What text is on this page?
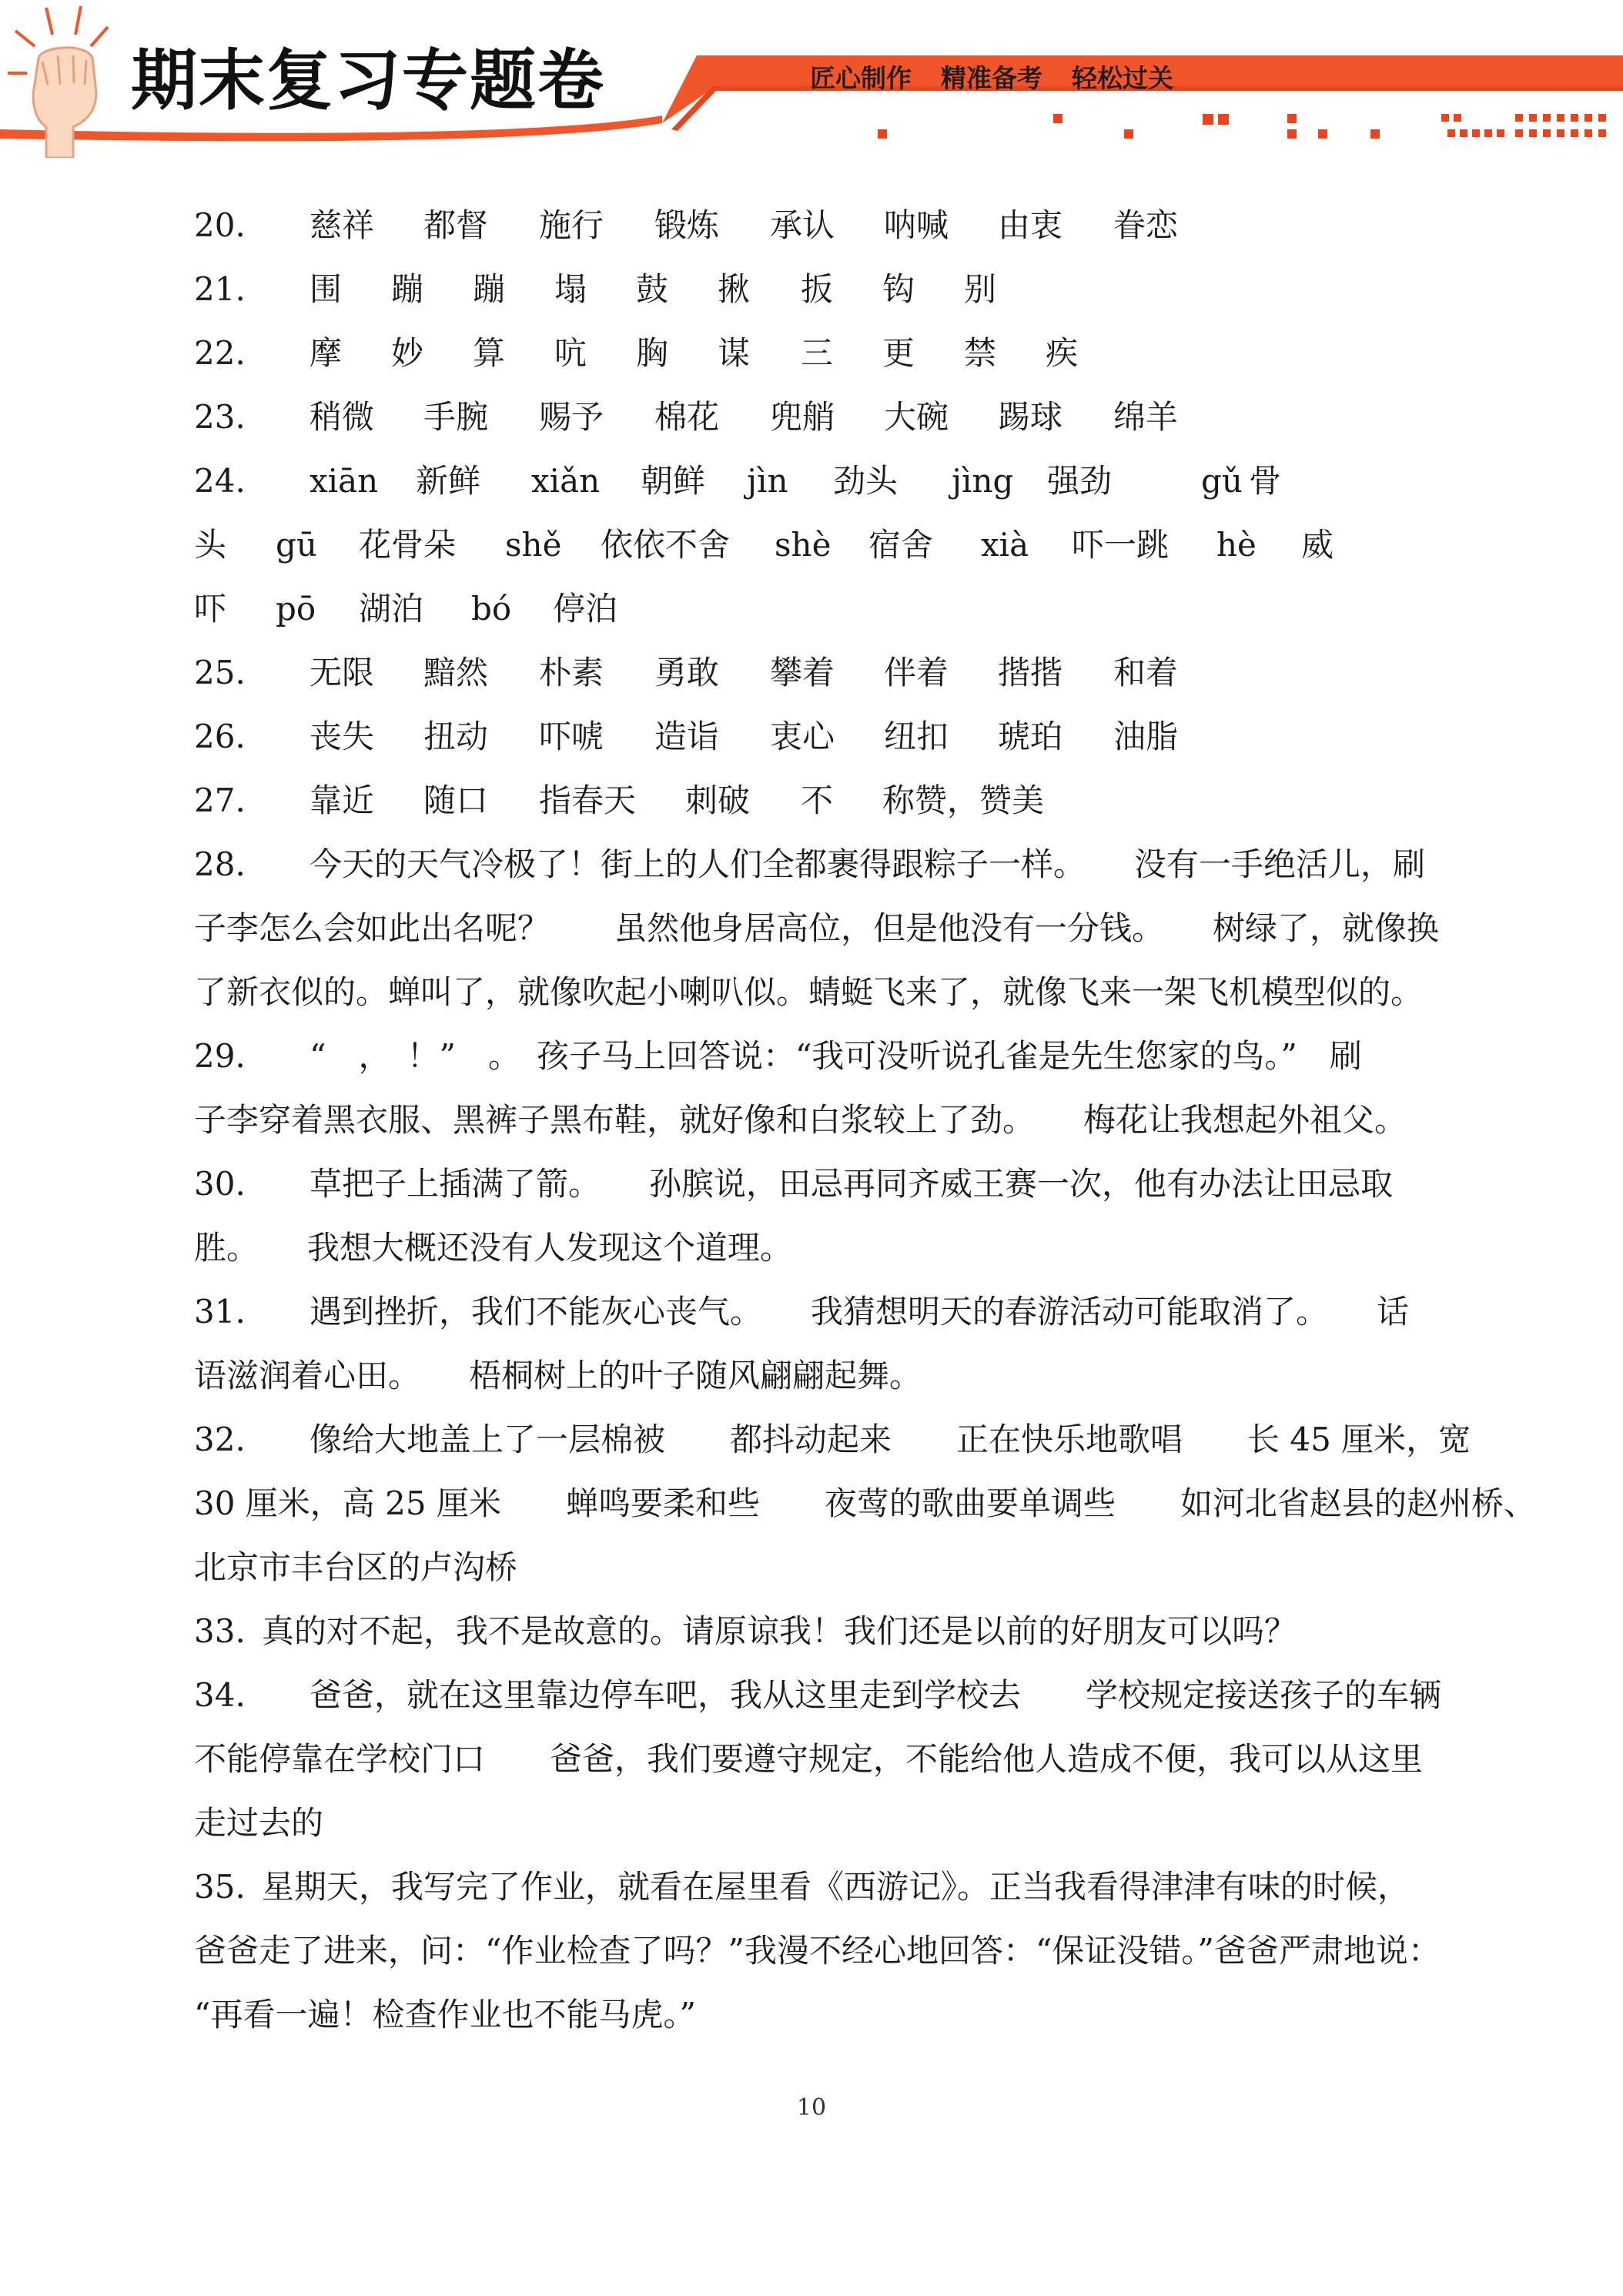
期末复习专题卷	匠心制作 精准备考 轻松过关
20. 慈祥 都督 施行 锻炼 承认 呐喊 由衷 眷恋
21. 围 蹦 蹦 塌 鼓 揪 扳 钩 别
22. 摩 妙 算 吭 胸 谋 三 更 禁 疾
23. 稍微 手腕 赐予 棉花 兜艄 大碗 踢球 绵羊
24. xiān 新鲜 xiǎn 朝鲜 jìn 劲头 jìng 强劲	gǔ 骨
头 gū 花骨朵 shě 依依不舍 shè 宿舍 xià 吓一跳 hè 威
吓 pō 湖泊 bó 停泊
25. 无限 黯然 朴素 勇敢 攀着 伴着 揩揩 和着
26. 丧失 扭动 吓唬 造诣 衷心 纽扣 琥珀 油脂
27. 靠近 随口 指春天 刺破 不 称赞，赞美
28. 今天的天气冷极了！街上的人们全都裹得跟粽子一样。　　没有一手绝活儿，刷
子李怎么会如此出名呢？　　虽然他身居高位，但是他没有一分钱。　　树绿了，就像换
了新衣似的。蝉叫了，就像吹起小喇叭似。蜻蜓飞来了，就像飞来一架飞机模型似的。
29. “　，　！”　。　孩子马上回答说：“我可没听说孔雀是先生您家的鸟。”　刷
子李穿着黑衣服、黑裤子黑布鞋，就好像和白浆较上了劲。　　梅花让我想起外祖父。
30. 草把子上插满了箭。　　孙膑说，田忌再同齐威王赛一次，他有办法让田忌取
胜。　　我想大概还没有人发现这个道理。
31. 遇到挫折，我们不能灰心丧气。　　我猜想明天的春游活动可能取消了。　　话
语滋润着心田。　　梧桐树上的叶子随风翩翩起舞。
32. 像给大地盖上了一层棉被　　都抖动起来　　正在快乐地歌唱　　长 45 厘米，宽
30 厘米，高 25 厘米　　蝉鸣要柔和些　　夜莺的歌曲要单调些　　如河北省赵县的赵州桥、
北京市丰台区的卢沟桥
33. 真的对不起，我不是故意的。请原谅我！我们还是以前的好朋友可以吗？
34. 爸爸，就在这里靠边停车吧，我从这里走到学校去　　学校规定接送孩子的车辆
不能停靠在学校门口　　爸爸，我们要遵守规定，不能给他人造成不便，我可以从这里
走过去的
35. 星期天，我写完了作业，就看在屋里看《西游记》。正当我看得津津有味的时候，
爸爸走了进来，问：“作业检查了吗？”我漫不经心地回答：“保证没错。”爸爸严肃地说：
“再看一遍！检查作业也不能马虎。”
10
